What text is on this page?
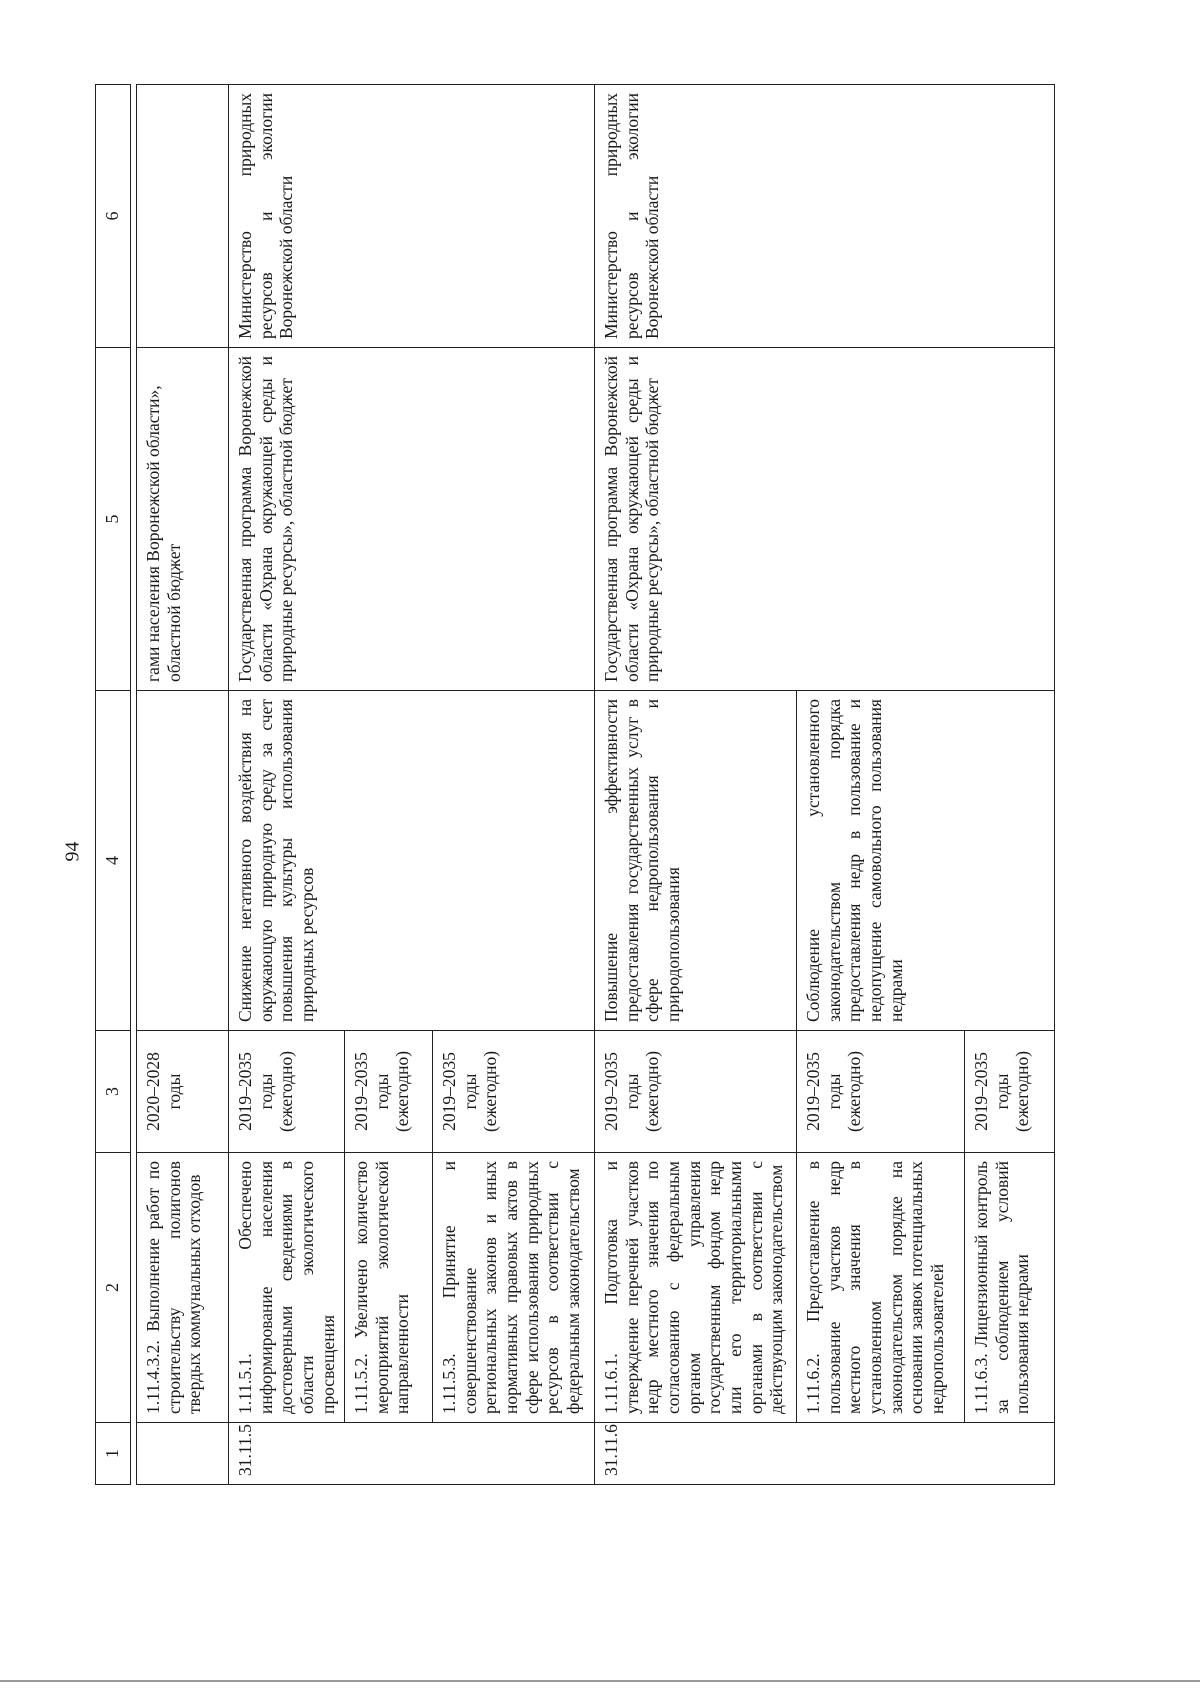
94
1	2	3	4	5	6

	1.11.4.3.2. Выполнение работ по строительству полигонов твердых коммунальных отходов	2020–2028 годы		гами населения Воронежской области», областной бюджет	
31.11.5	1.11.5.1. Обеспечено информирование населения достоверными сведениями в области экологического просвещения	2019–2035 годы (ежегодно)	Снижение негативного воздействия на окружающую природную среду за счет повышения культуры использования природных ресурсов	Государственная программа Воронежской области «Охрана окружающей среды и природные ресурсы», областной бюджет	Министерство природных ресурсов и экологии Воронежской области
	1.11.5.2. Увеличено количество мероприятий экологической направленности	2019–2035 годы (ежегодно)			
	1.11.5.3. Принятие и совершенствование региональных законов и иных нормативных правовых актов в сфере использования природных ресурсов в соответствии с федеральным законодательством	2019–2035 годы (ежегодно)			
31.11.6	1.11.6.1. Подготовка и утверждение перечней участков недр местного значения по согласованию с федеральным органом управления государственным фондом недр или его территориальными органами в соответствии с действующим законодательством	2019–2035 годы (ежегодно)	Повышение эффективности предоставления государственных услуг в сфере недропользования и природопользования	Государственная программа Воронежской области «Охрана окружающей среды и природные ресурсы», областной бюджет	Министерство природных ресурсов и экологии Воронежской области
	1.11.6.2. Предоставление в пользование участков недр местного значения в установленном законодательством порядке на основании заявок потенциальных недропользователей	2019–2035 годы (ежегодно)	Соблюдение установленного законодательством порядка предоставления недр в пользование и недопущение самовольного пользования недрами		
	1.11.6.3. Лицензионный контроль за соблюдением условий пользования недрами	2019–2035 годы (ежегодно)			
